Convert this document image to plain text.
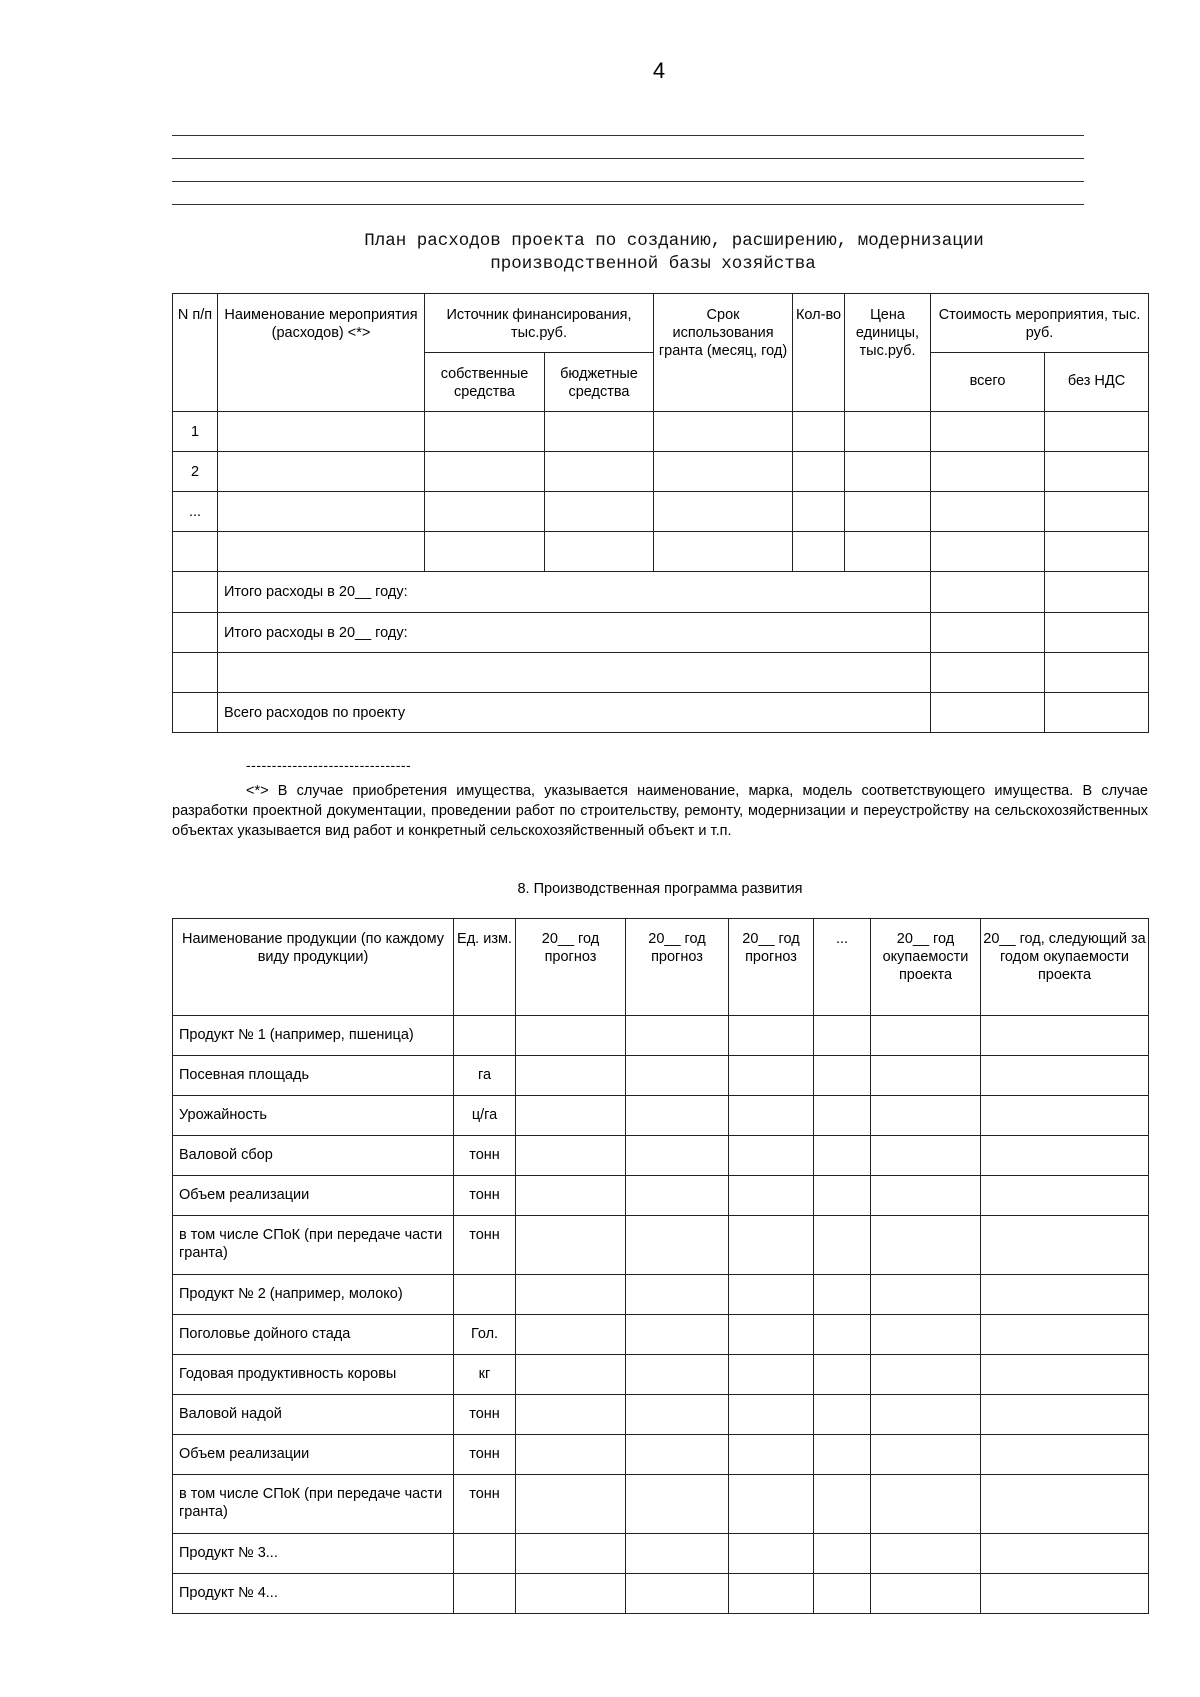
4
План расходов проекта по созданию, расширению, модернизации
производственной базы хозяйства
N п/п	Наименование мероприятия (расходов) <*>	Источник финансирования, тыс.руб.		Срок использования гранта (месяц, год)	Кол-во	Цена единицы, тыс.руб.	Стоимость мероприятия, тыс. руб.	
		собственные средства	бюджетные средства				всего	без НДС
1								
2								
...								

	Итого расходы в 20__ году:							
	Итого расходы в 20__ году:							

	Всего расходов по проекту							
--------------------------------
<*> В случае приобретения имущества, указывается наименование, марка, модель соответствующего имущества. В случае разработки проектной документации, проведении работ по строительству, ремонту, модернизации и переустройству на сельскохозяйственных объектах указывается вид работ и конкретный сельскохозяйственный объект и т.п.
8. Производственная программа развития
Наименование продукции (по каждому виду продукции)	Ед. изм.	20__ год прогноз	20__ год прогноз	20__ год прогноз	...	20__ год окупаемости проекта	20__ год, следующий за годом окупаемости проекта
Продукт № 1 (например, пшеница)							
Посевная площадь	га						
Урожайность	ц/га						
Валовой сбор	тонн						
Объем реализации	тонн						
в том числе СПоК (при передаче части гранта)	тонн						
Продукт № 2 (например, молоко)							
Поголовье дойного стада	Гол.						
Годовая продуктивность коровы	кг						
Валовой надой	тонн						
Объем реализации	тонн						
в том числе СПоК (при передаче части гранта)	тонн						
Продукт № 3...							
Продукт № 4...							
